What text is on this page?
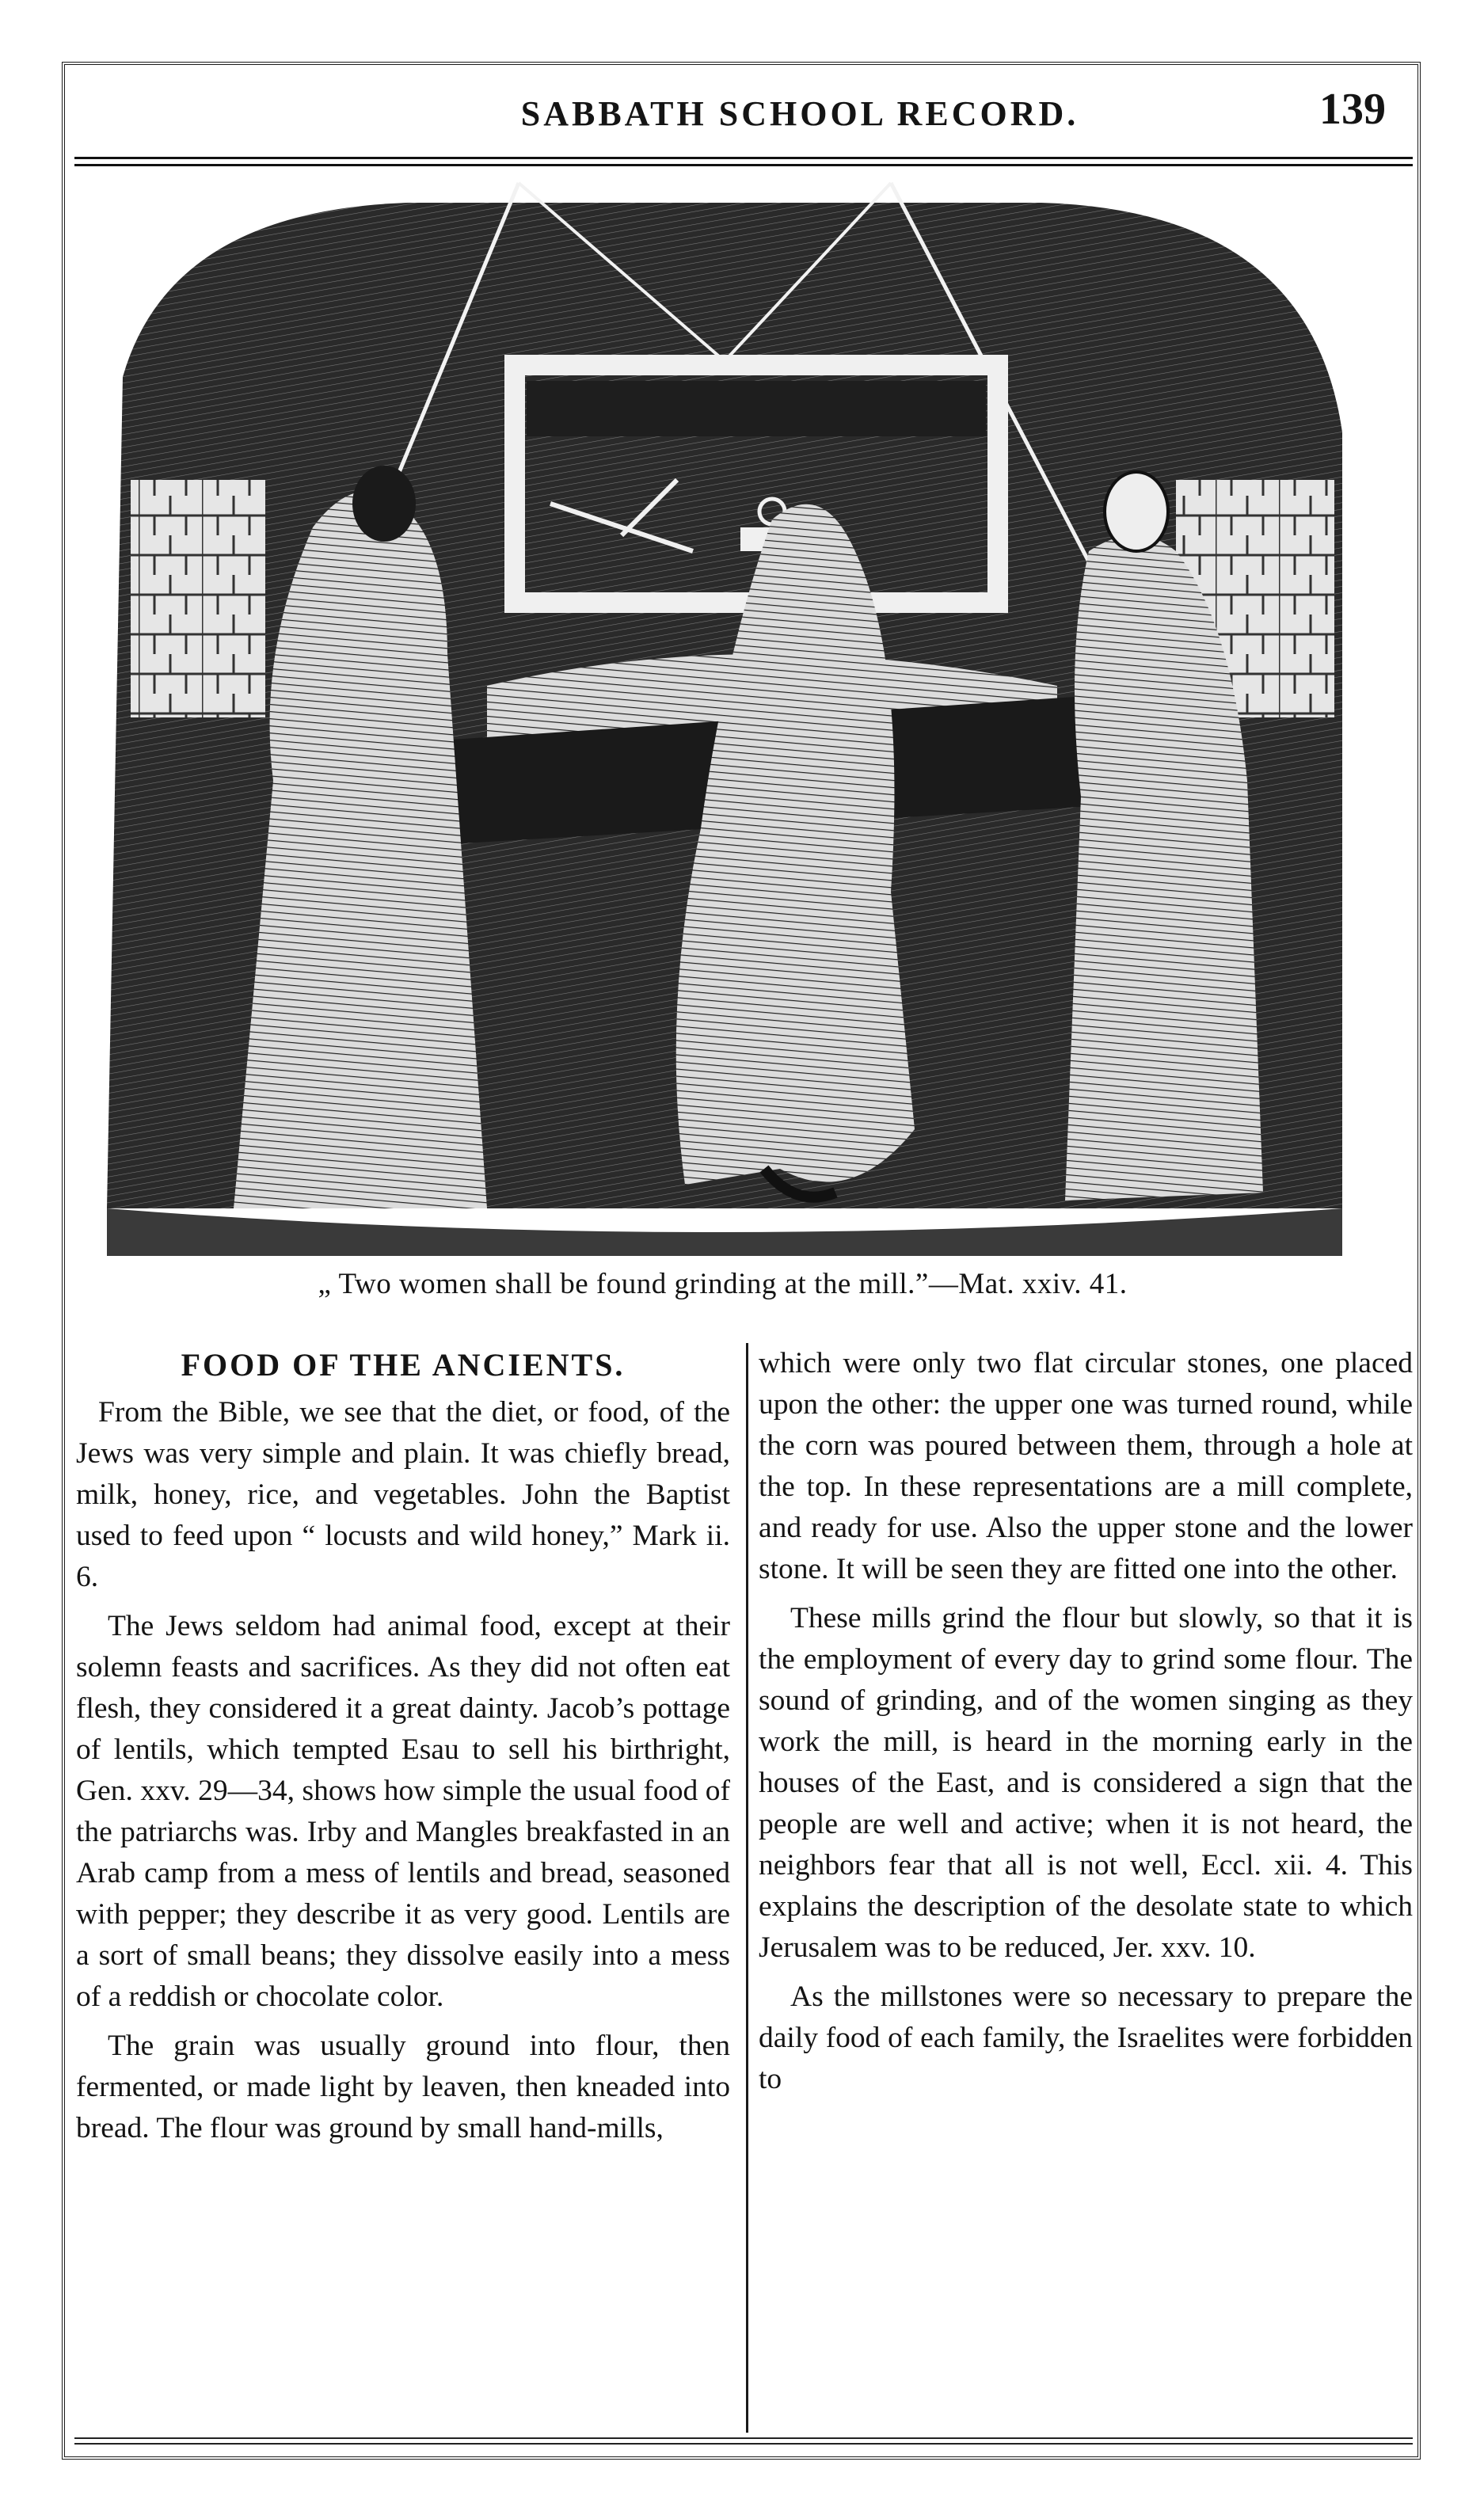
SABBATH SCHOOL RECORD.	139
„ Two women shall be found grinding at the mill.”—Mat. xxiv. 41.
FOOD OF THE ANCIENTS.

From the Bible, we see that the diet, or food, of the Jews was very simple and plain. It was chiefly bread, milk, honey, rice, and vegetables. John the Baptist used to feed upon “ locusts and wild honey,” Mark ii. 6.

The Jews seldom had animal food, except at their solemn feasts and sacrifices. As they did not often eat flesh, they considered it a great dainty. Jacob’s pottage of lentils, which tempted Esau to sell his birthright, Gen. xxv. 29—34, shows how simple the usual food of the patriarchs was. Irby and Mangles breakfasted in an Arab camp from a mess of lentils and bread, seasoned with pepper; they describe it as very good. Lentils are a sort of small beans; they dissolve easily into a mess of a reddish or chocolate color.

The grain was usually ground into flour, then fermented, or made light by leaven, then kneaded into bread. The flour was ground by small hand-mills,

which were only two flat circular stones, one placed upon the other: the upper one was turned round, while the corn was poured between them, through a hole at the top. In these representations are a mill complete, and ready for use. Also the upper stone and the lower stone. It will be seen they are fitted one into the other.

These mills grind the flour but slowly, so that it is the employment of every day to grind some flour. The sound of grinding, and of the women singing as they work the mill, is heard in the morning early in the houses of the East, and is considered a sign that the people are well and active; when it is not heard, the neighbors fear that all is not well, Eccl. xii. 4. This explains the description of the desolate state to which Jerusalem was to be reduced, Jer. xxv. 10.

As the millstones were so necessary to prepare the daily food of each family, the Israelites were forbidden to
